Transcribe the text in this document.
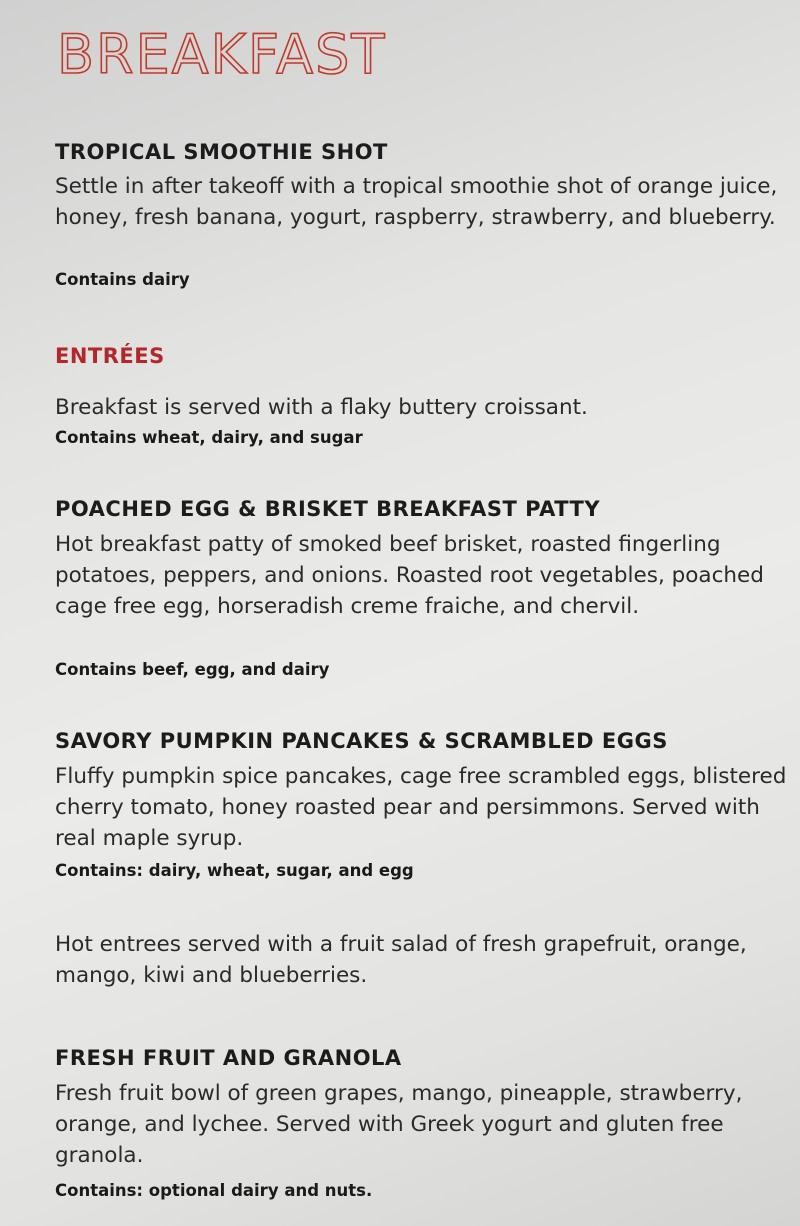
BREAKFAST
TROPICAL SMOOTHIE SHOT

Settle in after takeoff with a tropical smoothie shot of orange juice, honey, fresh banana, yogurt, raspberry, strawberry, and blueberry.

Contains dairy

ENTRÉES

Breakfast is served with a flaky buttery croissant.

Contains wheat, dairy, and sugar

POACHED EGG & BRISKET BREAKFAST PATTY

Hot breakfast patty of smoked beef brisket, roasted fingerling potatoes, peppers, and onions. Roasted root vegetables, poached cage free egg, horseradish creme fraiche, and chervil.

Contains beef, egg, and dairy

SAVORY PUMPKIN PANCAKES & SCRAMBLED EGGS

Fluffy pumpkin spice pancakes, cage free scrambled eggs, blistered cherry tomato, honey roasted pear and persimmons. Served with real maple syrup.

Contains: dairy, wheat, sugar, and egg

Hot entrees served with a fruit salad of fresh grapefruit, orange, mango, kiwi and blueberries.

FRESH FRUIT AND GRANOLA

Fresh fruit bowl of green grapes, mango, pineapple, strawberry, orange, and lychee. Served with Greek yogurt and gluten free granola.

Contains: optional dairy and nuts.
